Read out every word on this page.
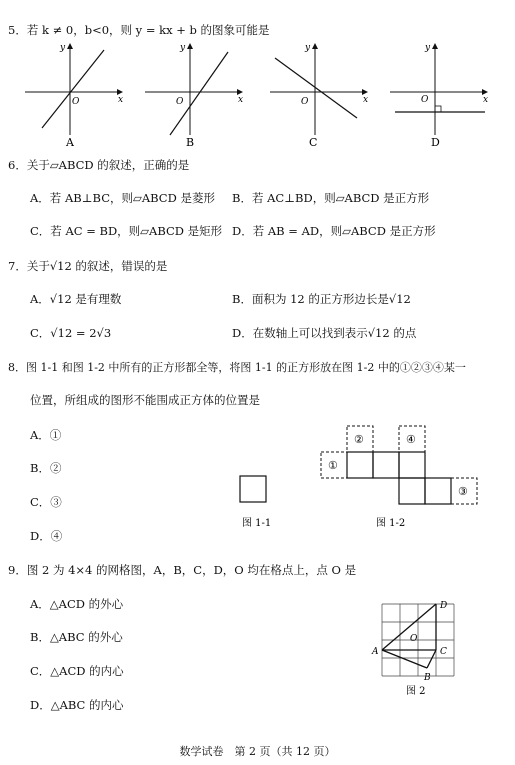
5．若 k ≠ 0，b<0，则 y = kx + b 的图象可能是
y
x
O
A
y
x
O
B
y
x
O
C
y
x
O
D
6．关于▱ABCD 的叙述，正确的是
A．若 AB⊥BC，则▱ABCD 是菱形 B．若 AC⊥BD，则▱ABCD 是正方形
C．若 AC = BD，则▱ABCD 是矩形 D．若 AB = AD，则▱ABCD 是正方形
7．关于√12 的叙述，错误的是
A．√12 是有理数	B．面积为 12 的正方形边长是√12
C．√12 = 2√3	D．在数轴上可以找到表示√12 的点
8．图 1-1 和图 1-2 中所有的正方形都全等，将图 1-1 的正方形放在图 1-2 中的①②③④某一
位置，所组成的图形不能围成正方体的位置是
A．①
B．②
C．③
D．④
图 1-1
①
②
③
④
图 1-2
9．图 2 为 4×4 的网格图，A，B，C，D，O 均在格点上，点 O 是
A．△ACD 的外心
B．△ABC 的外心
C．△ACD 的内心
D．△ABC 的内心
A
B
C
D
O
图 2
数学试卷　第 2 页（共 12 页）
